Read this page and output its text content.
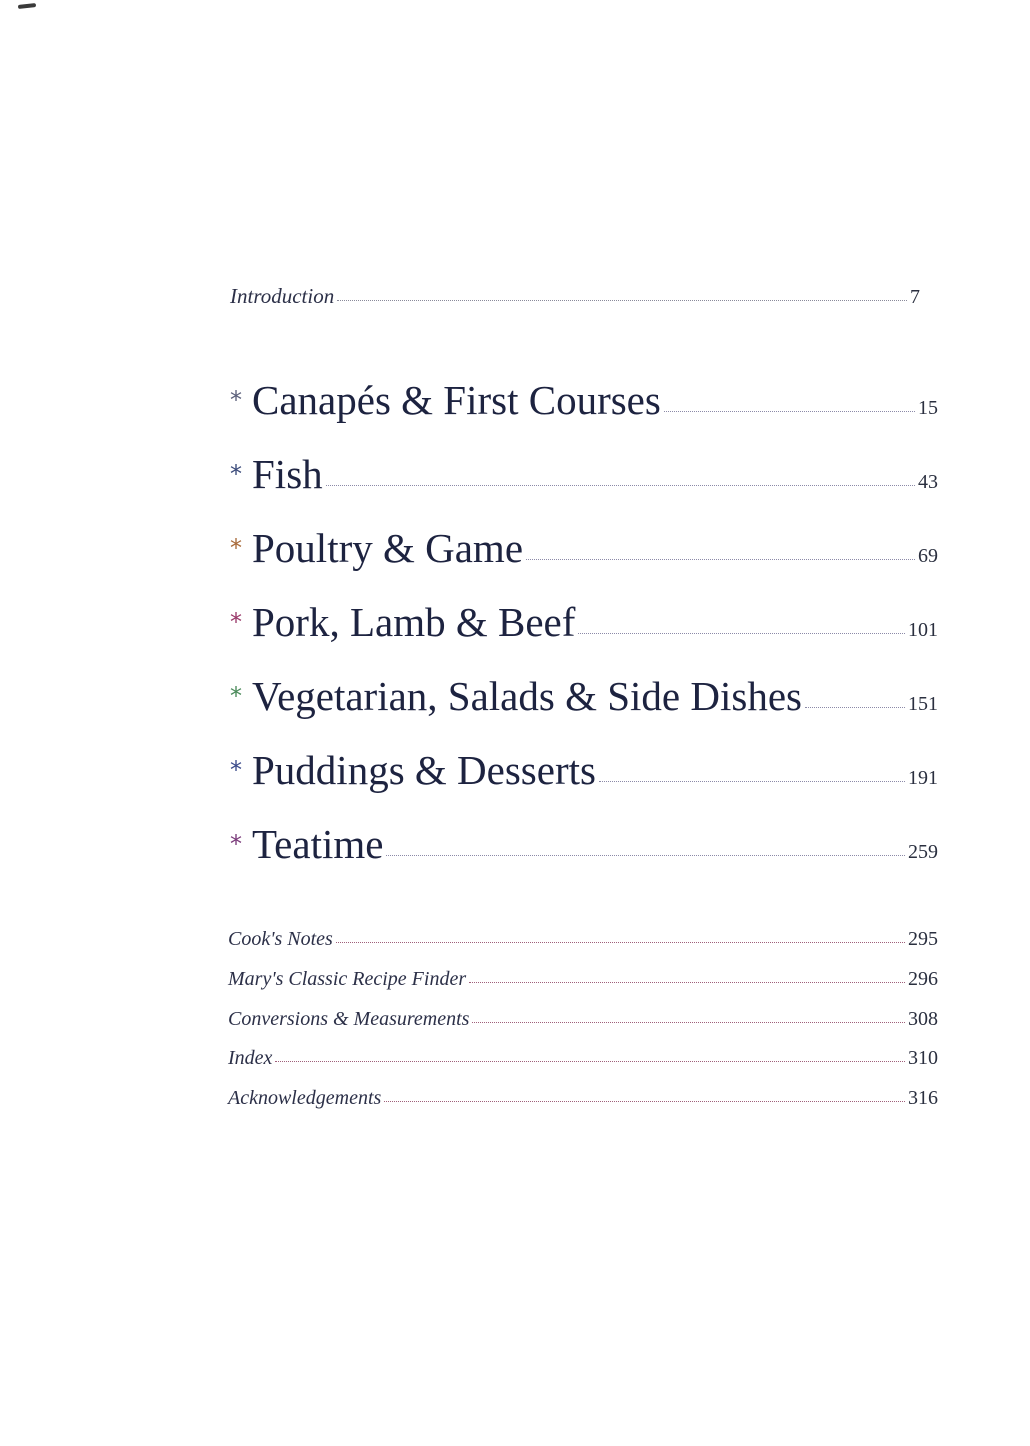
Introduction	7
* Canapés & First Courses	15
* Fish	43
* Poultry & Game	69
* Pork, Lamb & Beef	101
* Vegetarian, Salads & Side Dishes	151
* Puddings & Desserts	191
* Teatime	259
Cook's Notes	295
Mary's Classic Recipe Finder	296
Conversions & Measurements	308
Index	310
Acknowledgements	316
